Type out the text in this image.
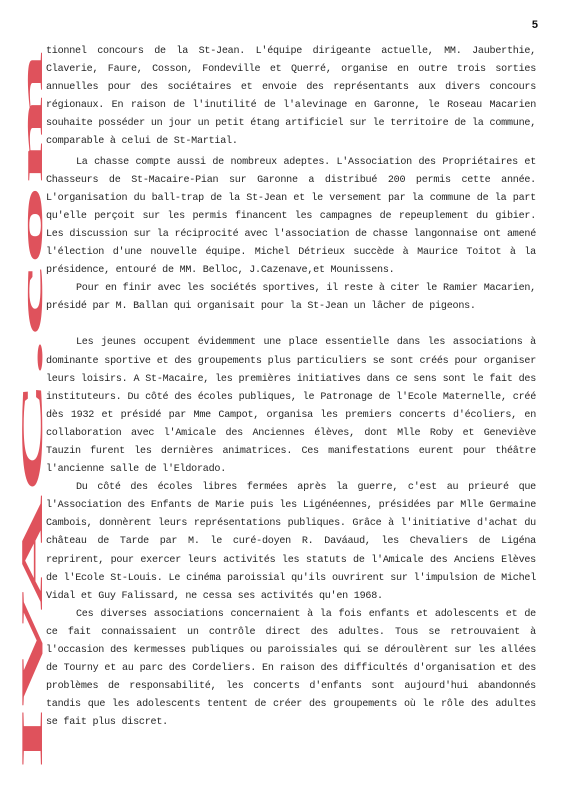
5
IVAC.com

tionnel concours de la St-Jean. L'équipe dirigeante actuelle, MM. Jauberthie, Claverie, Faure, Cosson, Fondeville et Querré, organise en outre trois sorties annuelles pour des sociétaires et envoie des représentants aux divers concours régionaux. En raison de l'inutilité de l'alevinage en Garonne, le Roseau Macarien souhaite posséder un jour un petit étang artificiel sur le territoire de la commune, comparable à celui de St-Martial.

La chasse compte aussi de nombreux adeptes. L'Association des Propriétaires et Chasseurs de St-Macaire-Pian sur Garonne a distribué 200 permis cette année. L'organisation du ball-trap de la St-Jean et le versement par la commune de la part qu'elle perçoit sur les permis financent les campagnes de repeuplement du gibier. Les discussion sur la réciprocité avec l'association de chasse langonnaise ont amené l'élection d'une nouvelle équipe. Michel Détrieux succède à Maurice Toitot à la présidence, entouré de MM. Belloc, J.Cazenave,et Mounissens.

Pour en finir avec les sociétés sportives, il reste à citer le Ramier Macarien, présidé par M. Ballan qui organisait pour la St-Jean un lâcher de pigeons.

Les jeunes occupent évidemment une place essentielle dans les associations à dominante sportive et des groupements plus particuliers se sont créés pour organiser leurs loisirs. A St-Macaire, les premières initiatives dans ce sens sont le fait des instituteurs. Du côté des écoles publiques, le Patronage de l'Ecole Maternelle, créé dès 1932 et présidé par Mme Campot, organisa les premiers concerts d'écoliers, en collaboration avec l'Amicale des Anciennes élèves, dont Mlle Roby et Geneviève Tauzin furent les dernières animatrices. Ces manifestations eurent pour théâtre l'ancienne salle de l'Eldorado.

Du côté des écoles libres fermées après la guerre, c'est au prieuré que l'Association des Enfants de Marie puis les Ligénéennes, présidées par Mlle Germaine Cambois, donnèrent leurs représentations publiques. Grâce à l'initiative d'achat du château de Tarde par M. le curé-doyen R. Daváaud, les Chevaliers de Ligéna reprirent, pour exercer leurs activités les statuts de l'Amicale des Anciens Elèves de l'Ecole St-Louis. Le cinéma paroissial qu'ils ouvrirent sur l'impulsion de Michel Vidal et Guy Falissard, ne cessa ses activités qu'en 1968.

Ces diverses associations concernaient à la fois enfants et adolescents et de ce fait connaissaient un contrôle direct des adultes. Tous se retrouvaient à l'occasion des kermesses publiques ou paroissiales qui se déroulèrent sur les allées de Tourny et au parc des Cordeliers. En raison des difficultés d'organisation et des problèmes de responsabilité, les concerts d'enfants sont aujourd'hui abandonnés tandis que les adolescents tentent de créer des groupements où le rôle des adultes se fait plus discret.
